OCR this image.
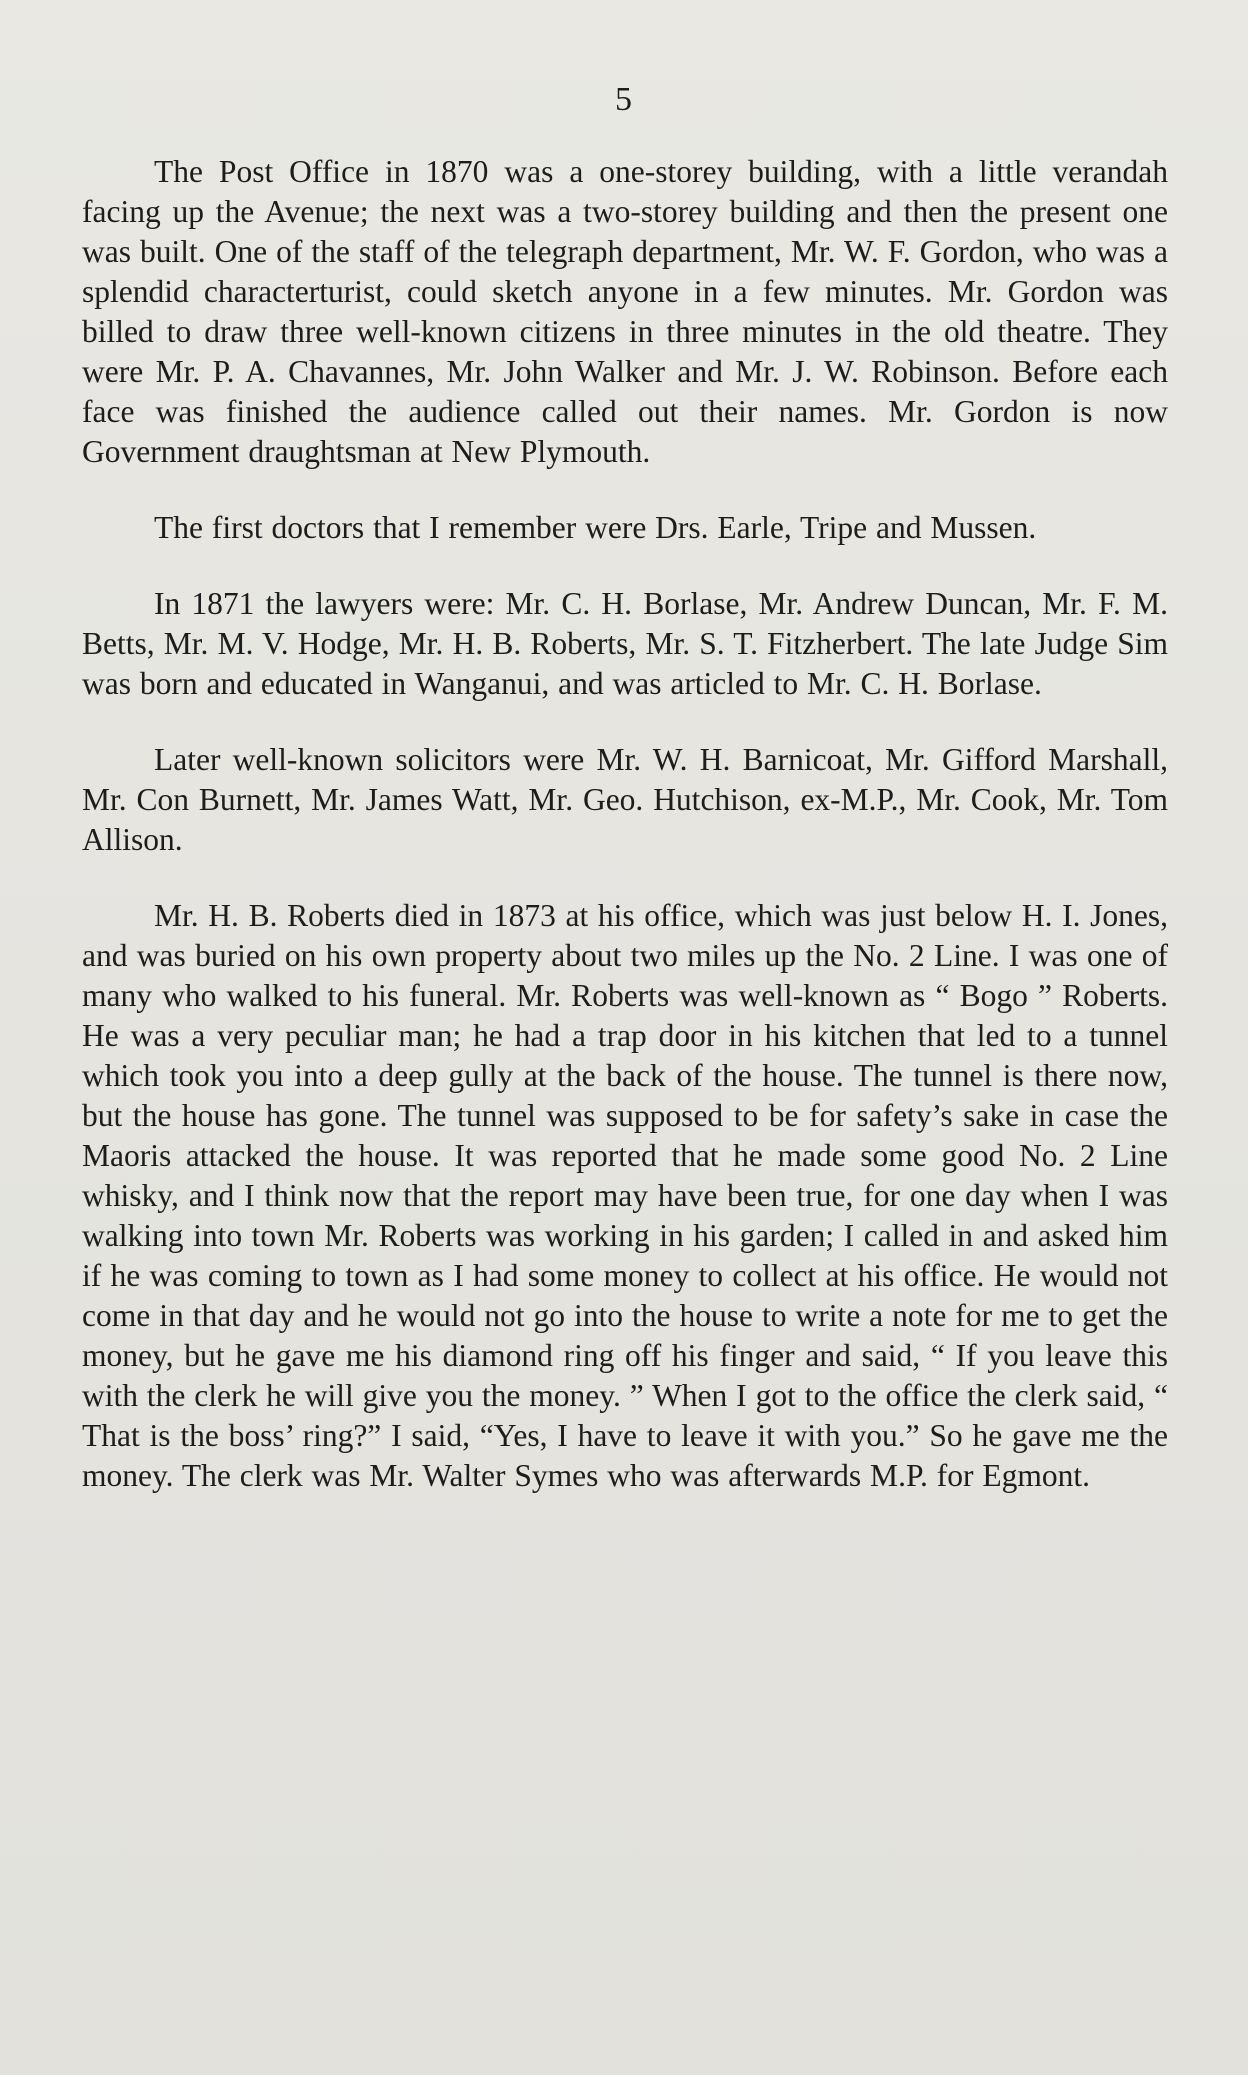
5

The Post Office in 1870 was a one-storey building, with a little verandah facing up the Avenue; the next was a two-storey building and then the present one was built. One of the staff of the telegraph department, Mr. W. F. Gordon, who was a splendid characterturist, could sketch anyone in a few minutes. Mr. Gordon was billed to draw three well-known citizens in three minutes in the old theatre. They were Mr. P. A. Chavannes, Mr. John Walker and Mr. J. W. Robinson. Before each face was finished the audience called out their names. Mr. Gordon is now Government draughtsman at New Plymouth.

The first doctors that I remember were Drs. Earle, Tripe and Mussen.

In 1871 the lawyers were: Mr. C. H. Borlase, Mr. Andrew Duncan, Mr. F. M. Betts, Mr. M. V. Hodge, Mr. H. B. Roberts, Mr. S. T. Fitzherbert. The late Judge Sim was born and educated in Wanganui, and was articled to Mr. C. H. Borlase.

Later well-known solicitors were Mr. W. H. Barnicoat, Mr. Gifford Marshall, Mr. Con Burnett, Mr. James Watt, Mr. Geo. Hutchison, ex-M.P., Mr. Cook, Mr. Tom Allison.

Mr. H. B. Roberts died in 1873 at his office, which was just below H. I. Jones, and was buried on his own property about two miles up the No. 2 Line. I was one of many who walked to his funeral. Mr. Roberts was well-known as “ Bogo ” Roberts. He was a very peculiar man; he had a trap door in his kitchen that led to a tunnel which took you into a deep gully at the back of the house. The tunnel is there now, but the house has gone. The tunnel was supposed to be for safety’s sake in case the Maoris attacked the house. It was reported that he made some good No. 2 Line whisky, and I think now that the report may have been true, for one day when I was walking into town Mr. Roberts was working in his garden; I called in and asked him if he was coming to town as I had some money to collect at his office. He would not come in that day and he would not go into the house to write a note for me to get the money, but he gave me his diamond ring off his finger and said, “ If you leave this with the clerk he will give you the money. ” When I got to the office the clerk said, “ That is the boss’ ring?” I said, “Yes, I have to leave it with you.” So he gave me the money. The clerk was Mr. Walter Symes who was afterwards M.P. for Egmont.
